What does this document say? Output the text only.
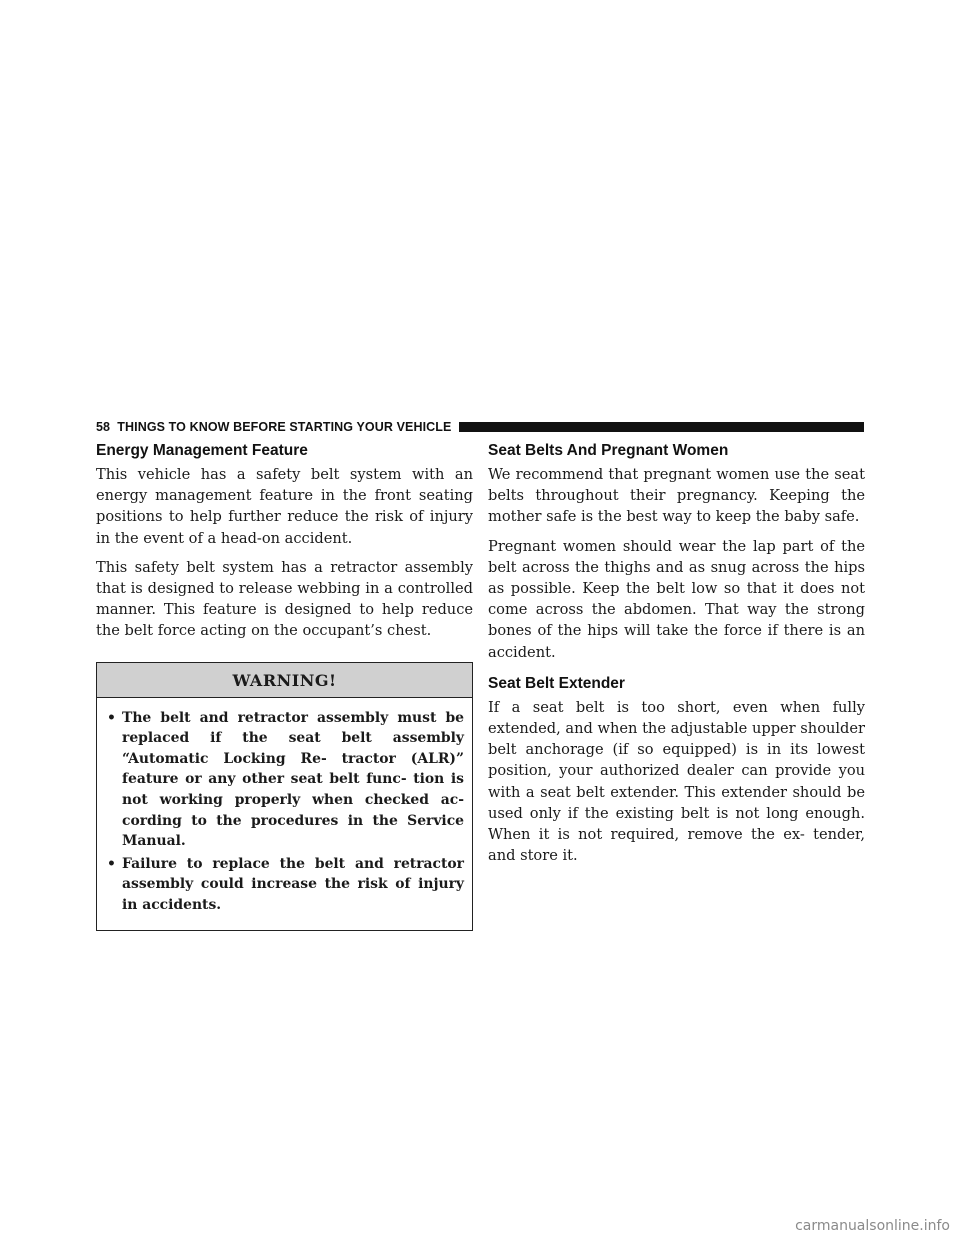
58 THINGS TO KNOW BEFORE STARTING YOUR VEHICLE
Energy Management Feature

This vehicle has a safety belt system with an energy management feature in the front seating positions to help further reduce the risk of injury in the event of a head-on accident.

This safety belt system has a retractor assembly that is designed to release webbing in a controlled manner. This feature is designed to help reduce the belt force acting on the occupant’s chest.

WARNING!
• The belt and retractor assembly must be replaced if the seat belt assembly “Automatic Locking Re- tractor (ALR)” feature or any other seat belt func- tion is not working properly when checked ac- cording to the procedures in the Service Manual.
• Failure to replace the belt and retractor assembly could increase the risk of injury in accidents.
Seat Belts And Pregnant Women

We recommend that pregnant women use the seat belts throughout their pregnancy. Keeping the mother safe is the best way to keep the baby safe.

Pregnant women should wear the lap part of the belt across the thighs and as snug across the hips as possible. Keep the belt low so that it does not come across the abdomen. That way the strong bones of the hips will take the force if there is an accident.

Seat Belt Extender

If a seat belt is too short, even when fully extended, and when the adjustable upper shoulder belt anchorage (if so equipped) is in its lowest position, your authorized dealer can provide you with a seat belt extender. This extender should be used only if the existing belt is not long enough. When it is not required, remove the ex- tender, and store it.

carmanualsonline.info
